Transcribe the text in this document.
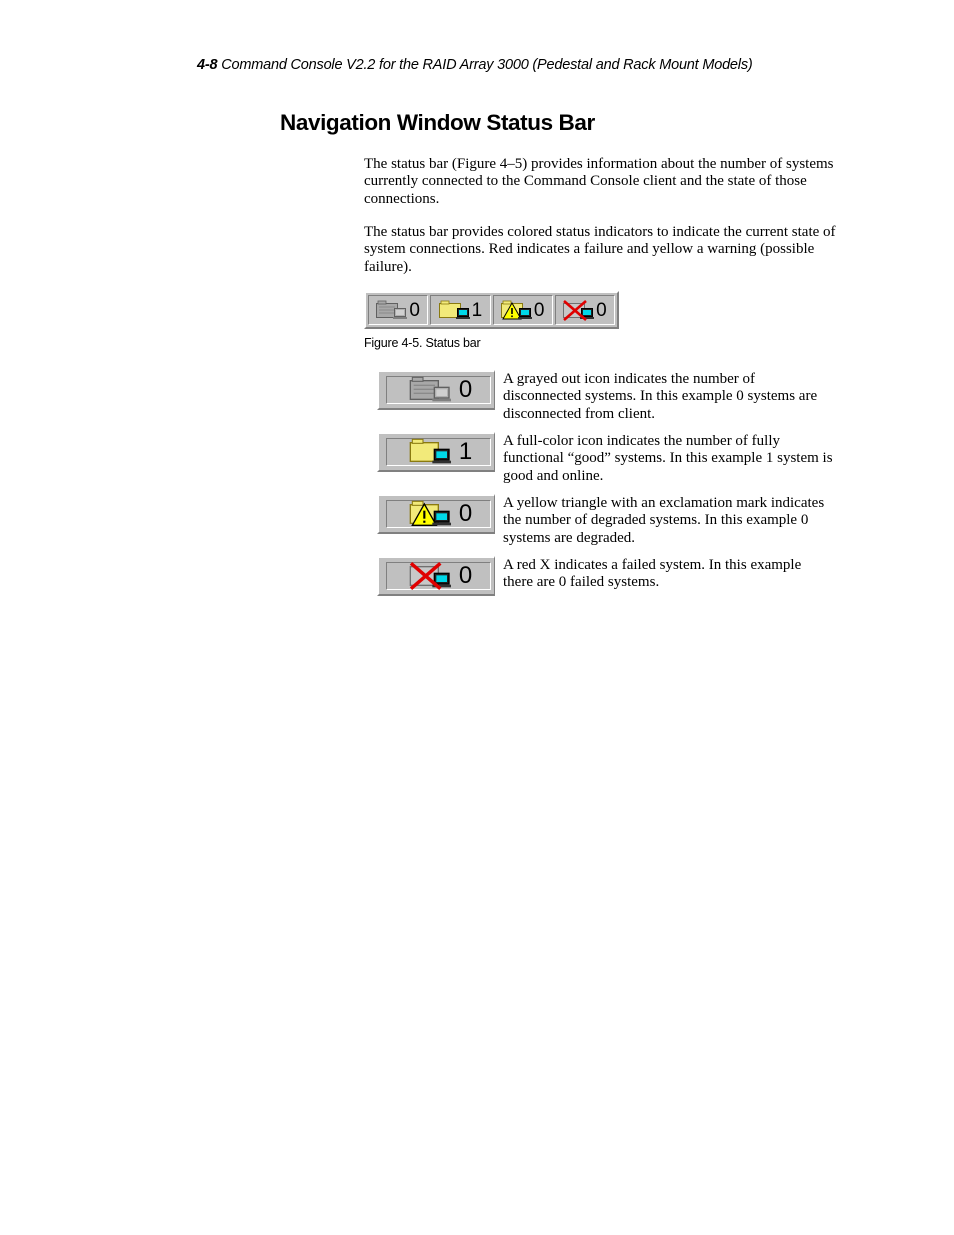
4-8 Command Console V2.2 for the RAID Array 3000 (Pedestal and Rack Mount Models)
Navigation Window Status Bar

The status bar (Figure 4–5) provides information about the number of systems currently connected to the Command Console client and the state of those connections.

The status bar provides colored status indicators to indicate the current state of system connections. Red indicates a failure and yellow a warning (possible failure).

0	1	0	0
Figure 4-5. Status bar
0 A grayed out icon indicates the number of disconnected systems. In this example 0 systems are disconnected from client.

1 A full-color icon indicates the number of fully functional “good” systems. In this example 1 system is good and online.

0 A yellow triangle with an exclamation mark indicates the number of degraded systems. In this example 0 systems are degraded.

0 A red X indicates a failed system. In this example there are 0 failed systems.
